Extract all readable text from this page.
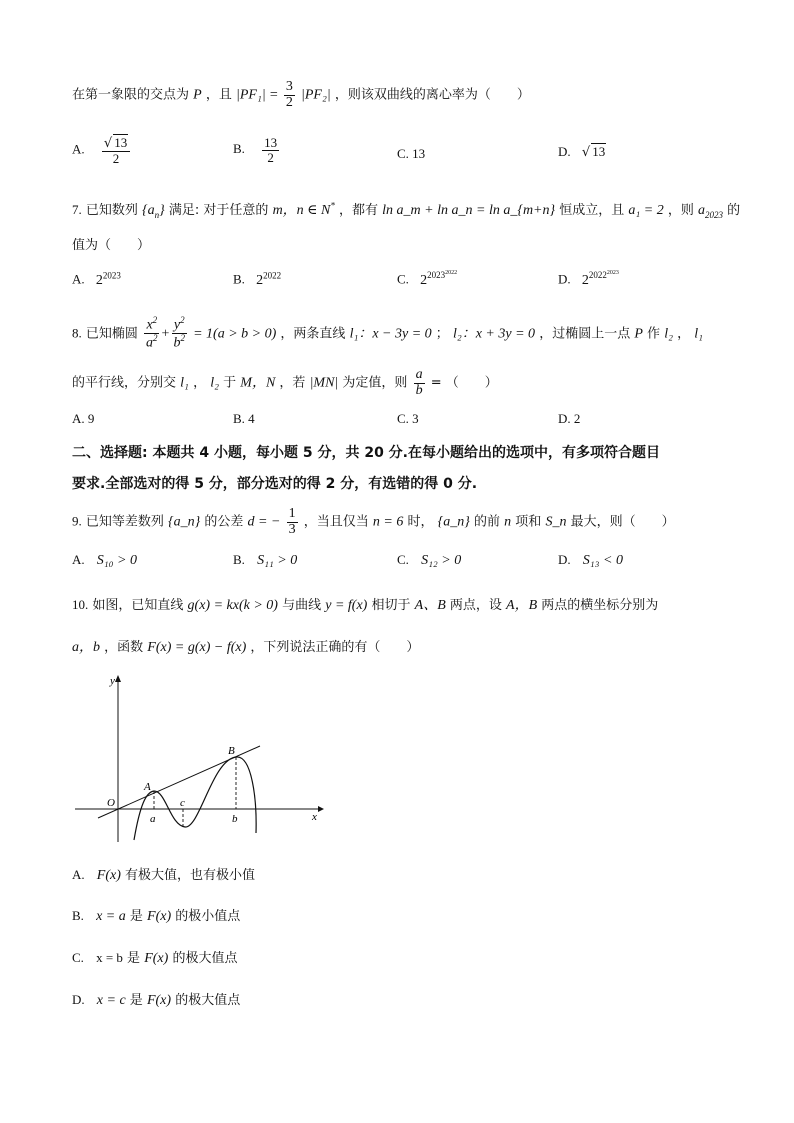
在第一象限的交点为 P ，且 $|PF_1| = \frac{3}{2} |PF_2|$ ，则该双曲线的离心率为（　　）
A. $\frac{√ 13}{2}$	B. $\frac{13}{2}$	C. 13	D. √ 13
7. 已知数列 $\{a_n\}$ 满足: 对于任意的 m，n ∈ N* ，都有 ln a_m + ln a_n = ln a_{m+n} 恒成立，且 a₁ = 2 ，则 $a_{2023}$ 的
值为（　　）
A. $2^{2023}$	B. $2^{2022}$	C. $2^{2023^{2022}}$	D. $2^{2022^{2023}}$
8. 已知椭圆 $\frac{x^2}{a^2} + \frac{y^2}{b^2} = 1(a > b > 0)$ ，两条直线 l₁：x − 3y = 0 ； l₂：x + 3y = 0 ，过椭圆上一点 P 作 l₂ ， l₁
的平行线，分别交 l₁ ， l₂ 于 M，N ，若 |MN| 为定值，则 $\frac{a}{b}$ = （　　）
A. 9	B. 4	C. 3	D. 2
二、选择题: 本题共 4 小题，每小题 5 分，共 20 分.在每小题给出的选项中，有多项符合题目
要求.全部选对的得 5 分，部分选对的得 2 分，有选错的得 0 分.
9. 已知等差数列 {a_n} 的公差 d = − $\frac{1}{3}$ ，当且仅当 n = 6 时， {a_n} 的前 n 项和 S_n 最大，则（　　）
A. S₁₀ > 0	B. S₁₁ > 0	C. S₁₂ > 0	D. S₁₃ < 0
10. 如图，已知直线 g(x) = kx(k > 0) 与曲线 y = f(x) 相切于 A、B 两点，设 A，B 两点的横坐标分别为
a，b ，函数 F(x) = g(x) − f(x) ，下列说法正确的有（　　）
y
x
O
A
B
a
c
b
A. F(x) 有极大值，也有极小值
B. x = a 是 F(x) 的极小值点
C. x = b 是 F(x) 的极大值点
D. x = c 是 F(x) 的极大值点
